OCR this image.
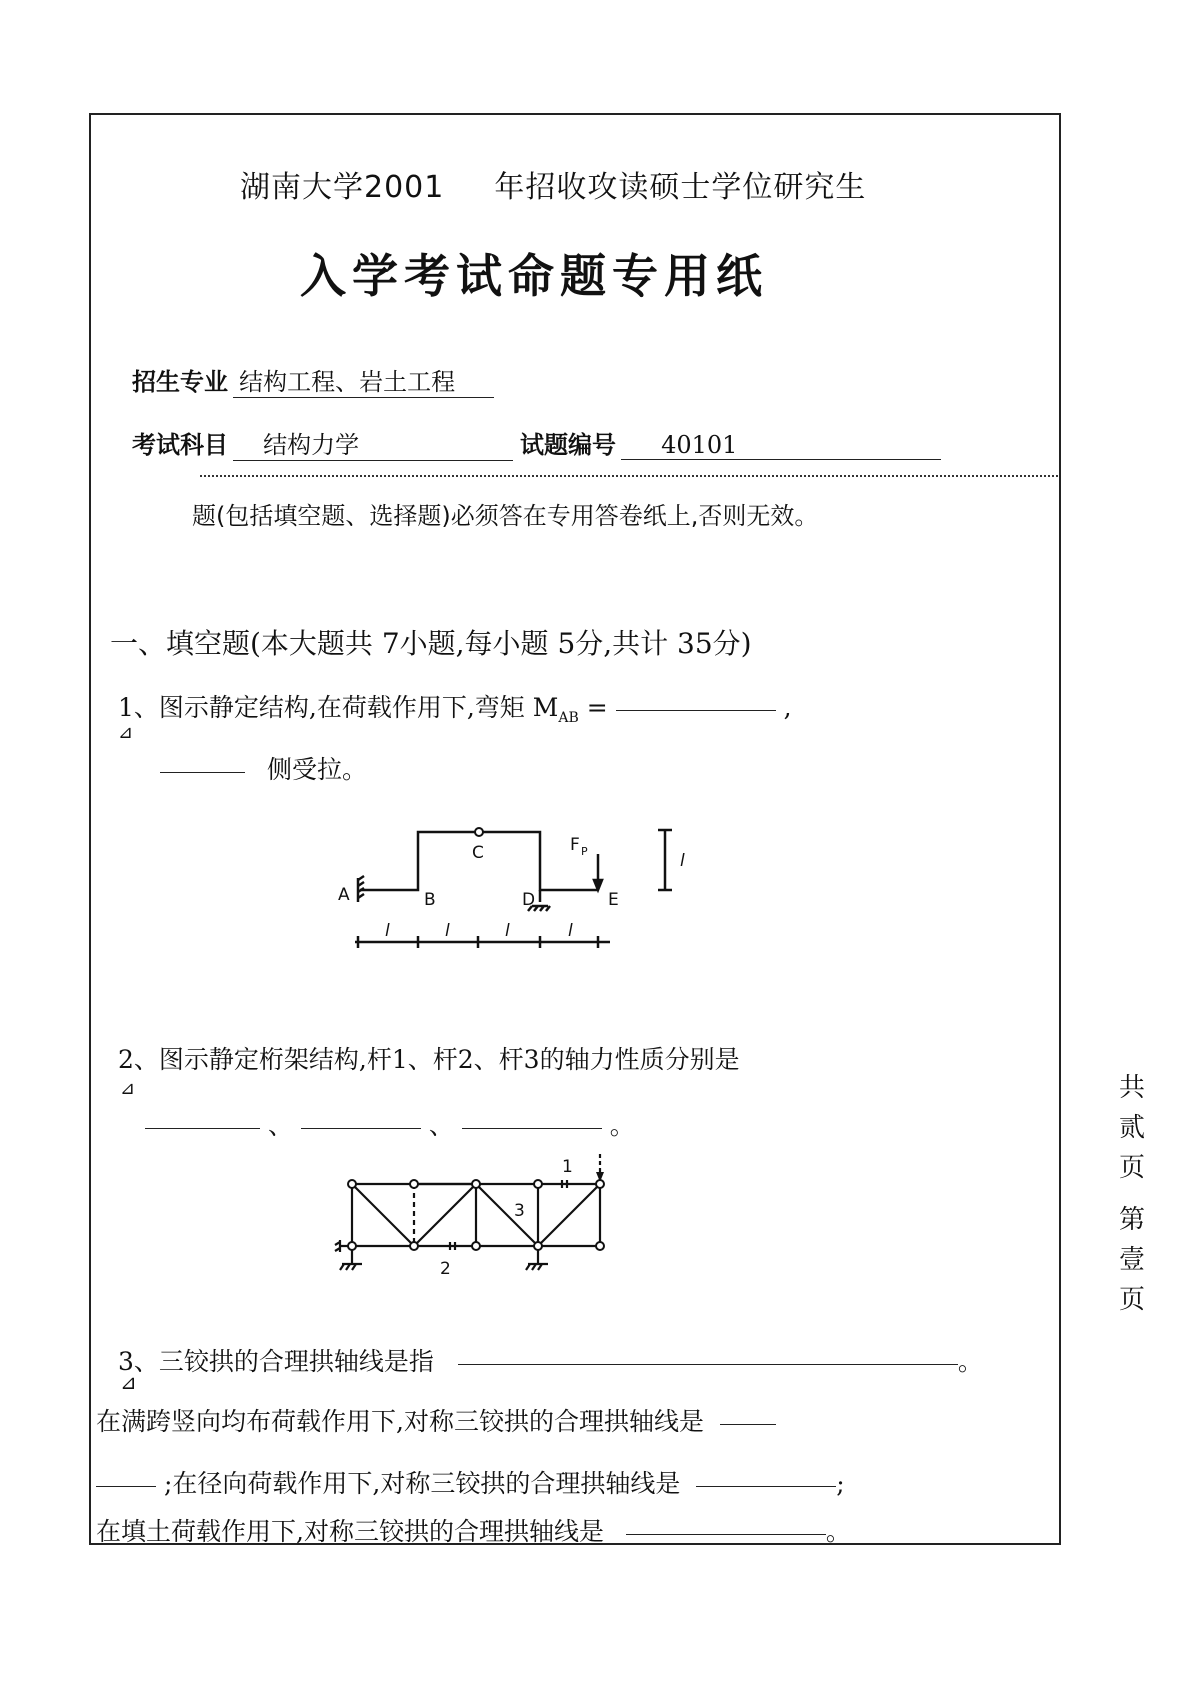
湖南大学2001 年招收攻读硕士学位研究生
入学考试命题专用纸
招生专业 结构工程、岩土工程
考试科目 结构力学	试题编号 40101
题(包括填空题、选择题)必须答在专用答卷纸上,否则无效。
一、填空题(本大题共 7小题,每小题 5分,共计 35分)
1、图示静定结构,在荷载作用下,弯矩 $M_{AB}$ =	,
⊿
侧受拉。
A	B
C
D	E
F P	l
l	l	l	l
2、图示静定桁架结构,杆1、杆2、杆3的轴力性质分别是
⊿
、	、	。
1
2
3
3、三铰拱的合理拱轴线是指	。
⊿
在满跨竖向均布荷载作用下,对称三铰拱的合理拱轴线是
;在径向荷载作用下,对称三铰拱的合理拱轴线是	;
在填土荷载作用下,对称三铰拱的合理拱轴线是	。
共
贰
页
第
壹
页
